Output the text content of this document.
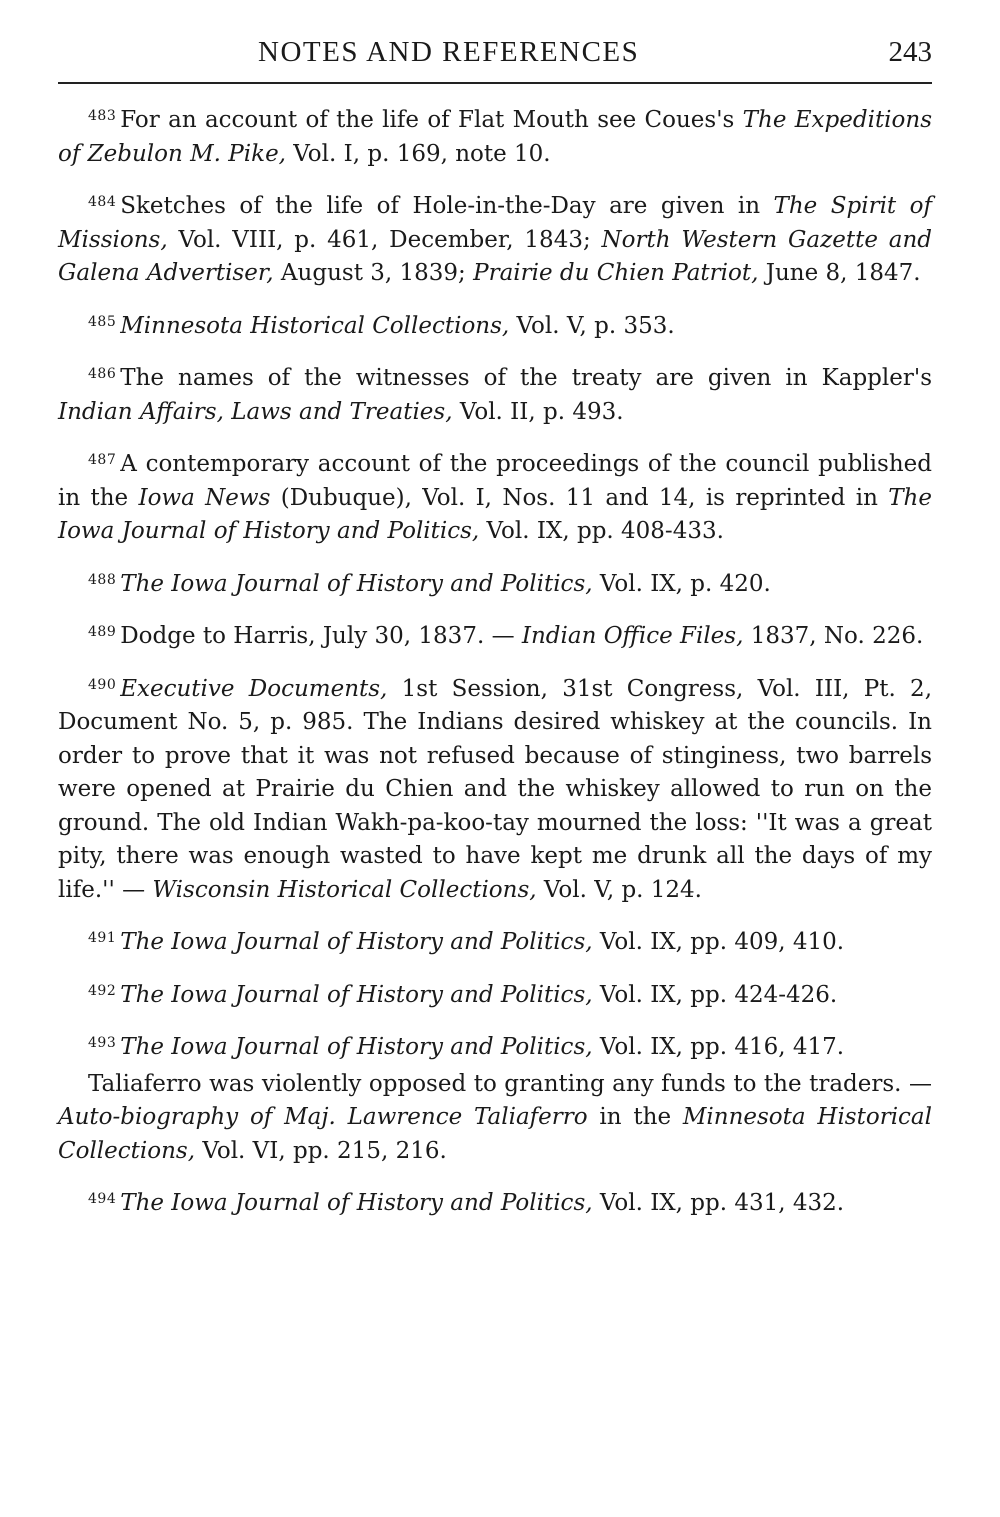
NOTES AND REFERENCES	243

$^{483}$ For an account of the life of Flat Mouth see Coues's The Expeditions of Zebulon M. Pike, Vol. I, p. 169, note 10.

$^{484}$ Sketches of the life of Hole-in-the-Day are given in The Spirit of Missions, Vol. VIII, p. 461, December, 1843; North Western Gazette and Galena Advertiser, August 3, 1839; Prairie du Chien Patriot, June 8, 1847.

$^{485}$ Minnesota Historical Collections, Vol. V, p. 353.

$^{486}$ The names of the witnesses of the treaty are given in Kappler's Indian Affairs, Laws and Treaties, Vol. II, p. 493.

$^{487}$ A contemporary account of the proceedings of the council published in the Iowa News (Dubuque), Vol. I, Nos. 11 and 14, is reprinted in The Iowa Journal of History and Politics, Vol. IX, pp. 408-433.

$^{488}$ The Iowa Journal of History and Politics, Vol. IX, p. 420.

$^{489}$ Dodge to Harris, July 30, 1837. — Indian Office Files, 1837, No. 226.

$^{490}$ Executive Documents, 1st Session, 31st Congress, Vol. III, Pt. 2, Document No. 5, p. 985. The Indians desired whiskey at the councils. In order to prove that it was not refused because of stinginess, two barrels were opened at Prairie du Chien and the whiskey allowed to run on the ground. The old Indian Wakh-pa-koo-tay mourned the loss: ''It was a great pity, there was enough wasted to have kept me drunk all the days of my life.'' — Wisconsin Historical Collections, Vol. V, p. 124.

$^{491}$ The Iowa Journal of History and Politics, Vol. IX, pp. 409, 410.

$^{492}$ The Iowa Journal of History and Politics, Vol. IX, pp. 424-426.

$^{493}$ The Iowa Journal of History and Politics, Vol. IX, pp. 416, 417.

Taliaferro was violently opposed to granting any funds to the traders. — Auto-biography of Maj. Lawrence Taliaferro in the Minnesota Historical Collections, Vol. VI, pp. 215, 216.

$^{494}$ The Iowa Journal of History and Politics, Vol. IX, pp. 431, 432.
